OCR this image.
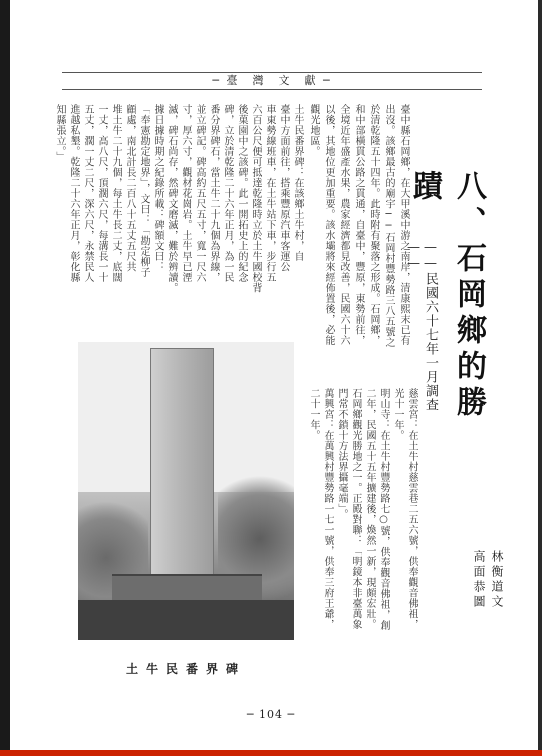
─ 臺　灣　文　獻 ─
八、石岡鄉的勝蹟
——民國六十七年一月調查——
臺中縣石岡鄉，在大甲溪中游之南岸，清康熙末已有
出沒。該鄉最古的廟宇──石岡村豐勢路三八五號之
於清乾隆五十四年。此時附有聚落之形成。石岡鄉，
和中部橫貫公路之貫通，自臺中，豐原，東勢前往，
全境近年盛產水果，農家經濟都見改善，民國六十六
以後，其地位更加重要。該水壩將來經佈置後，必能
觀光地區。
土牛民番界碑：在該鄉土牛村，自
臺中方面前往，搭乘豐原汽車客運公
車東勢線班車，在土牛站下車，步行五
六百公尺便可抵達乾隆時立於土牛國校背
後菓園中之該碑。此一開拓史上的紀念
碑，立於清乾隆二十六年正月，為一民
番分界碑石，當土牛二十九個為界線，
並立碑記。碑高約五尺五寸，寬一尺六
寸，厚六寸，觀材花崗岩。土牛早已湮
滅，碑石尚存，然碑文磨滅，難於辨讀。
據日據時期之紀錄所載：碑額文曰：
「奉憲勘定地界」，文曰：「勘定柳子
顧處，南北計長二百八十五丈五尺共
堆土牛二十九個，每土牛長二丈，底闊
一丈，高八尺，頂濶六尺，每溝長一十
五丈，濶一丈二尺，深六尺，永禁民人
進越私墾。乾隆二十六年正月，彰化縣
知縣張立。」
慈雲宮：在土牛村慈雲巷二五六號，供奉觀音佛祖，
光十一年。
明山寺：在土牛村豐勢路七○號，供奉觀音佛祖，創
二年，民國五十五年擴建後，煥然一新，現頗宏壯。
石岡鄉觀光勝地之一。正殿對聯：「明鏡本非臺萬象
門常不鎖十方法界攝毫端」。
萬興宮：在萬興村豐勢路一七一號，供奉三府王爺，
二十一年。
林衡道文
高面恭圖
土牛民番界碑
─ 104 ─
